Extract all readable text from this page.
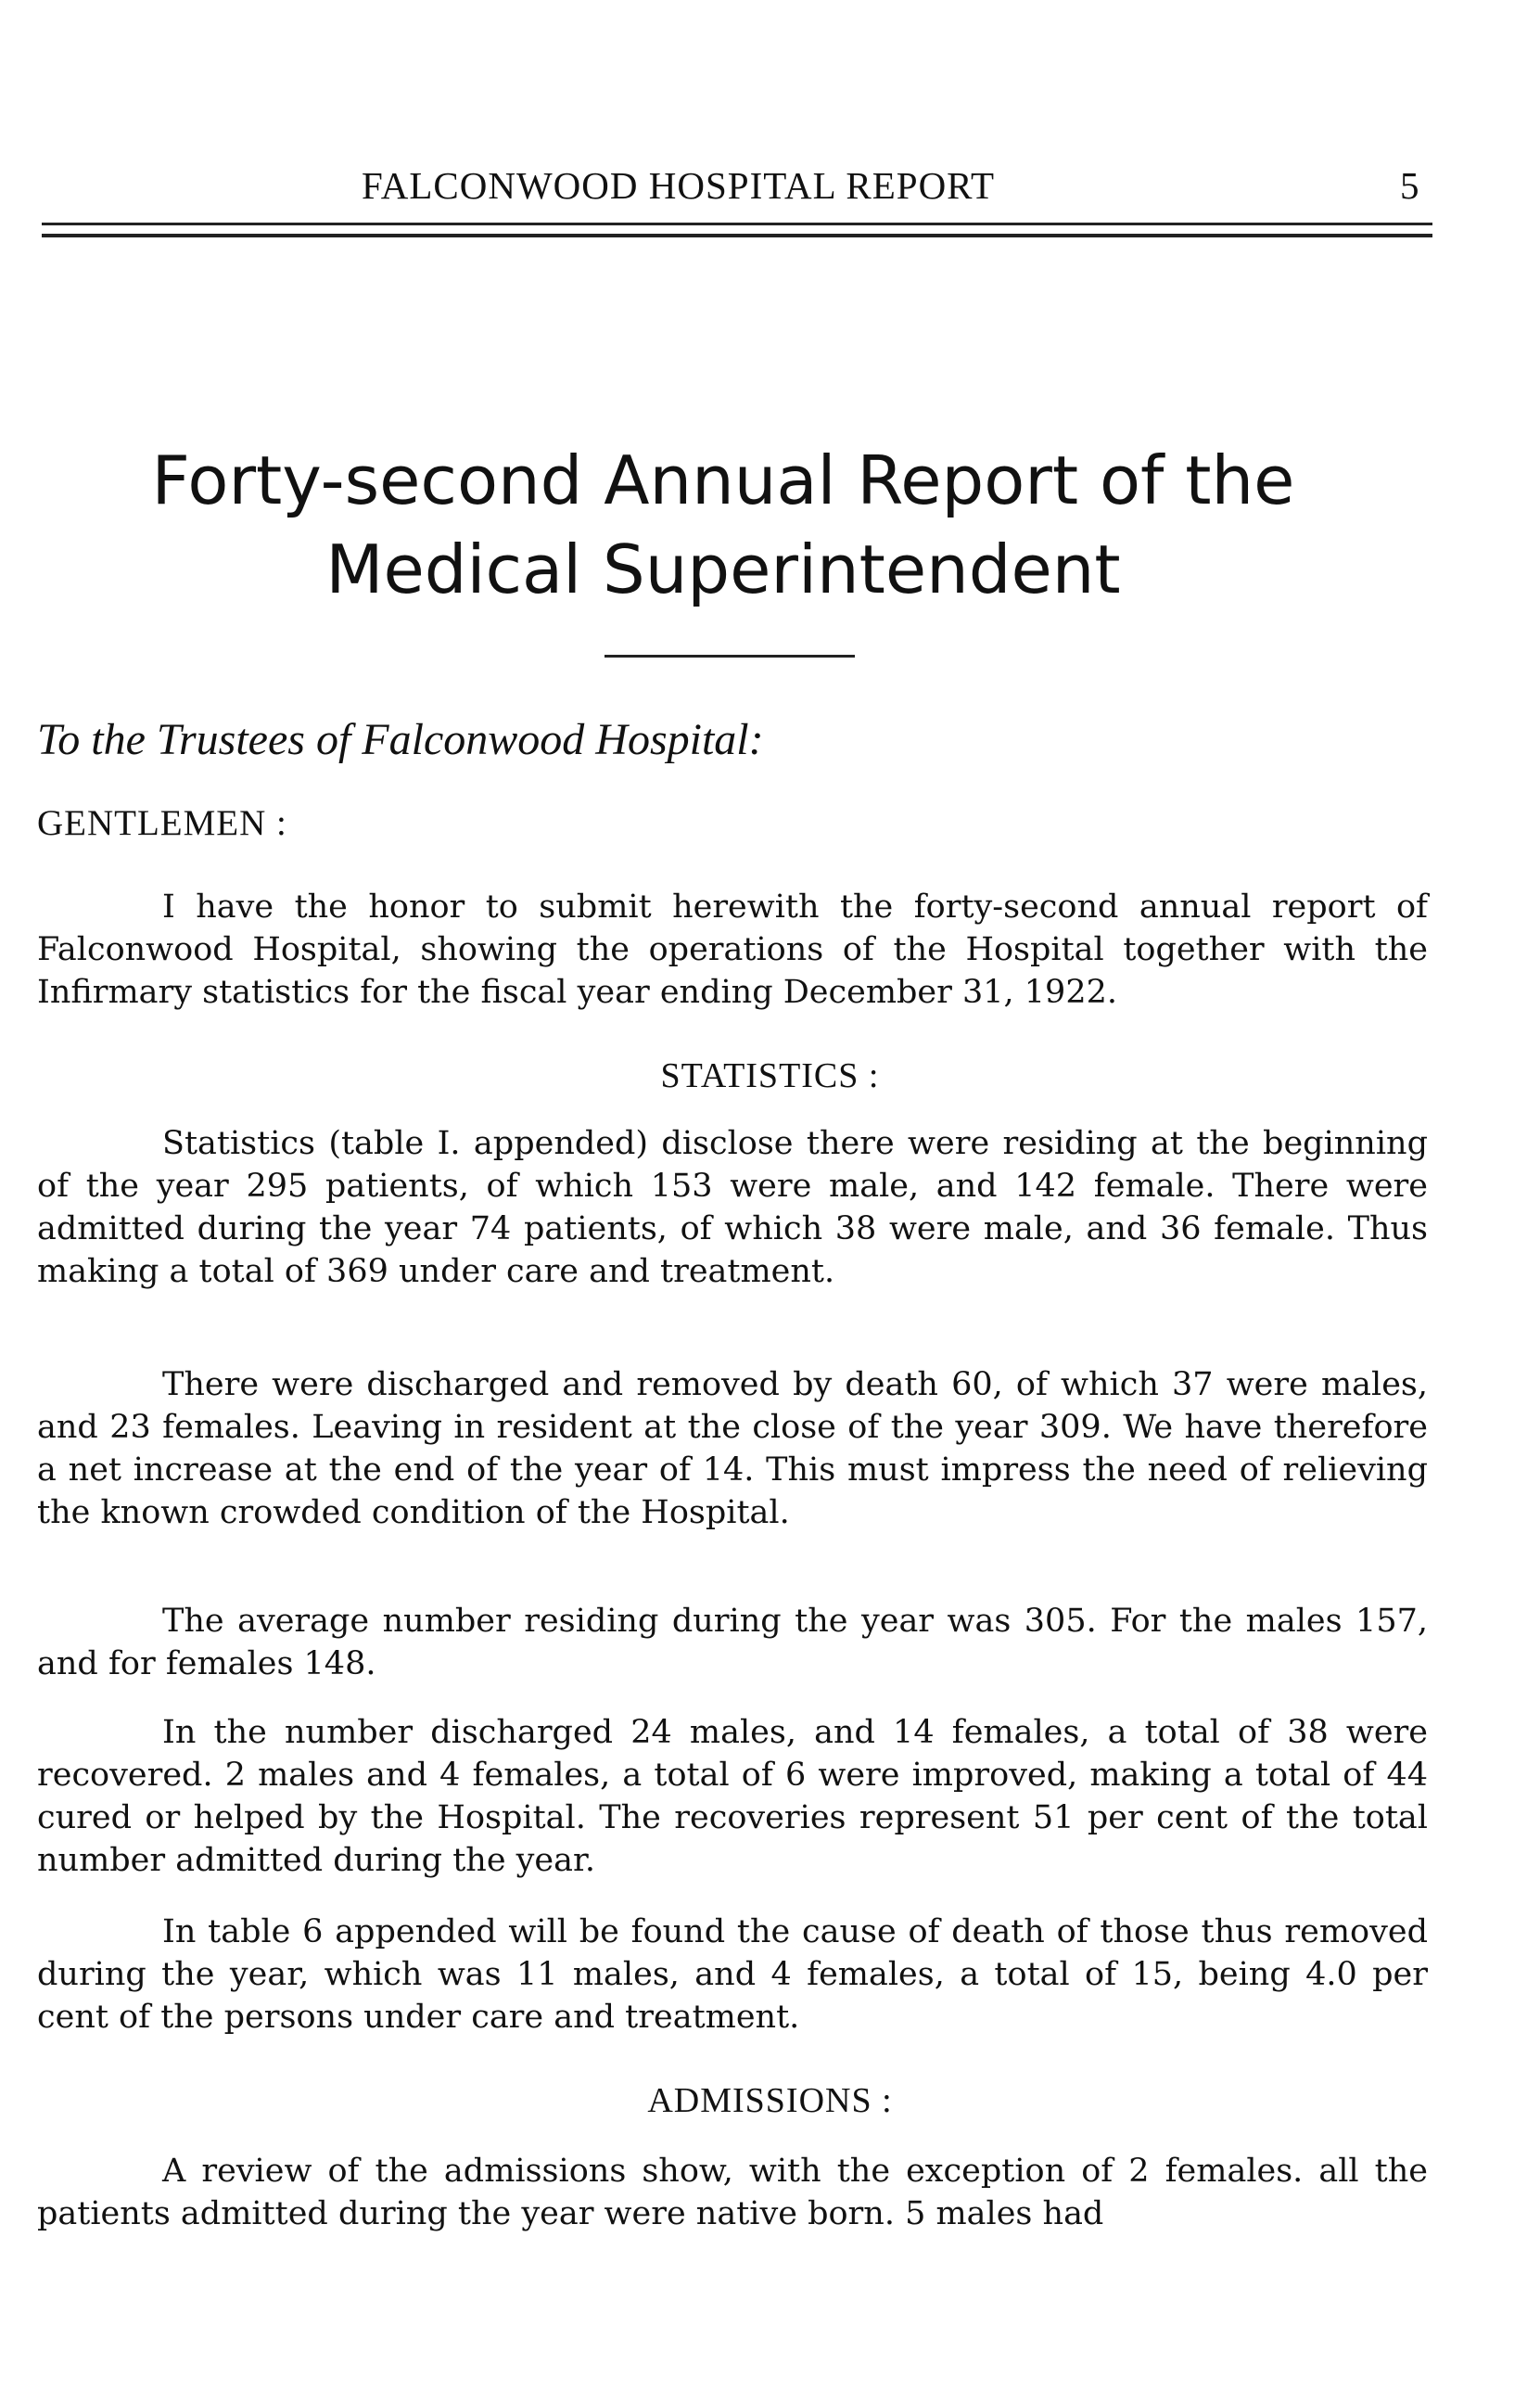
FALCONWOOD HOSPITAL REPORT	5
Forty-second Annual Report of the Medical Superintendent
To the Trustees of Falconwood Hospital:
GENTLEMEN :

I have the honor to submit herewith the forty-second annual report of Falconwood Hospital, showing the operations of the Hospital together with the Infirmary statistics for the fiscal year ending December 31, 1922.

STATISTICS :

Statistics (table I. appended) disclose there were residing at the beginning of the year 295 patients, of which 153 were male, and 142 female. There were admitted during the year 74 patients, of which 38 were male, and 36 female. Thus making a total of 369 under care and treatment.

There were discharged and removed by death 60, of which 37 were males, and 23 females. Leaving in resident at the close of the year 309. We have therefore a net increase at the end of the year of 14. This must impress the need of relieving the known crowded condition of the Hospital.

The average number residing during the year was 305. For the males 157, and for females 148.

In the number discharged 24 males, and 14 females, a total of 38 were recovered. 2 males and 4 females, a total of 6 were improved, making a total of 44 cured or helped by the Hospital. The recoveries represent 51 per cent of the total number admitted during the year.

In table 6 appended will be found the cause of death of those thus removed during the year, which was 11 males, and 4 females, a total of 15, being 4.0 per cent of the persons under care and treatment.

ADMISSIONS :

A review of the admissions show, with the exception of 2 females. all the patients admitted during the year were native born. 5 males had
